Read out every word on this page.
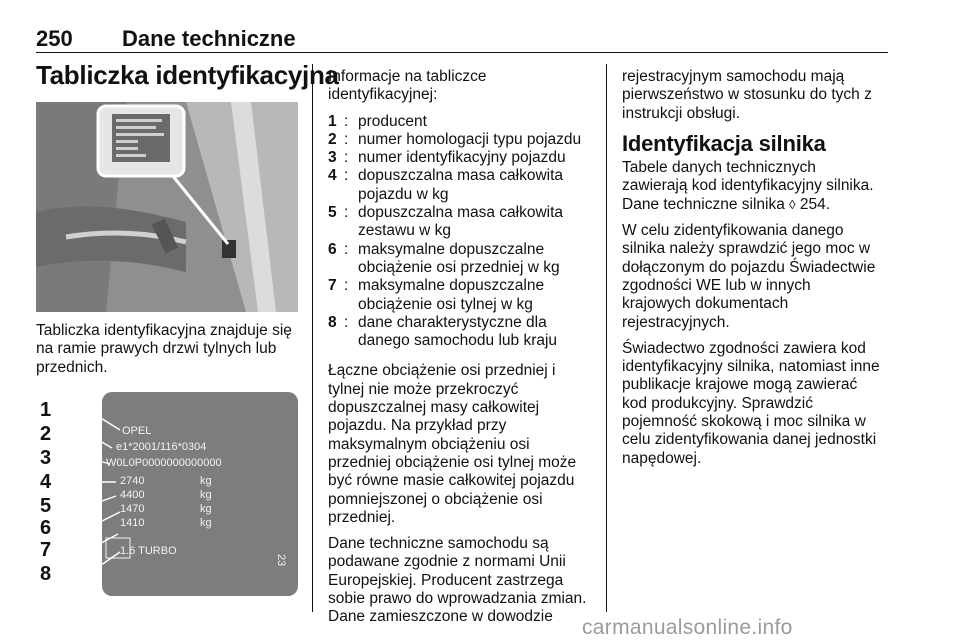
250 Dane techniczne
Tabliczka identyfikacyjna
Tabliczka identyfikacyjna znajduje się
na ramie prawych drzwi tylnych lub
przednich.
1
2
3
4
5
6
7
8
OPEL
e1*2001/116*0304
W0L0P0000000000000
2740
4400
1470
1410
1.6 TURBO
kg
kg
kg
kg
23

Informacje na tabliczce
identyfikacyjnej:

1 : producent
2 : numer homologacji typu pojazdu
3 : numer identyfikacyjny pojazdu
4 : dopuszczalna masa całkowita
pojazdu w kg
5 : dopuszczalna masa całkowita
zestawu w kg
6 : maksymalne dopuszczalne
obciążenie osi przedniej w kg
7 : maksymalne dopuszczalne
obciążenie osi tylnej w kg
8 : dane charakterystyczne dla
danego samochodu lub kraju

Łączne obciążenie osi przedniej i
tylnej nie może przekroczyć
dopuszczalnej masy całkowitej
pojazdu. Na przykład przy
maksymalnym obciążeniu osi
przedniej obciążenie osi tylnej może
być równe masie całkowitej pojazdu
pomniejszonej o obciążenie osi
przedniej.

Dane techniczne samochodu są
podawane zgodnie z normami Unii
Europejskiej. Producent zastrzega
sobie prawo do wprowadzania zmian.
Dane zamieszczone w dowodzie

rejestracyjnym samochodu mają
pierwszeństwo w stosunku do tych z
instrukcji obsługi.

Identyfikacja silnika

Tabele danych technicznych
zawierają kod identyfikacyjny silnika.
Dane techniczne silnika ◊ 254.

W celu zidentyfikowania danego
silnika należy sprawdzić jego moc w
dołączonym do pojazdu Świadectwie
zgodności WE lub w innych
krajowych dokumentach
rejestracyjnych.

Świadectwo zgodności zawiera kod
identyfikacyjny silnika, natomiast inne
publikacje krajowe mogą zawierać
kod produkcyjny. Sprawdzić
pojemność skokową i moc silnika w
celu zidentyfikowania danej jednostki
napędowej.

carmanualsonline.info
